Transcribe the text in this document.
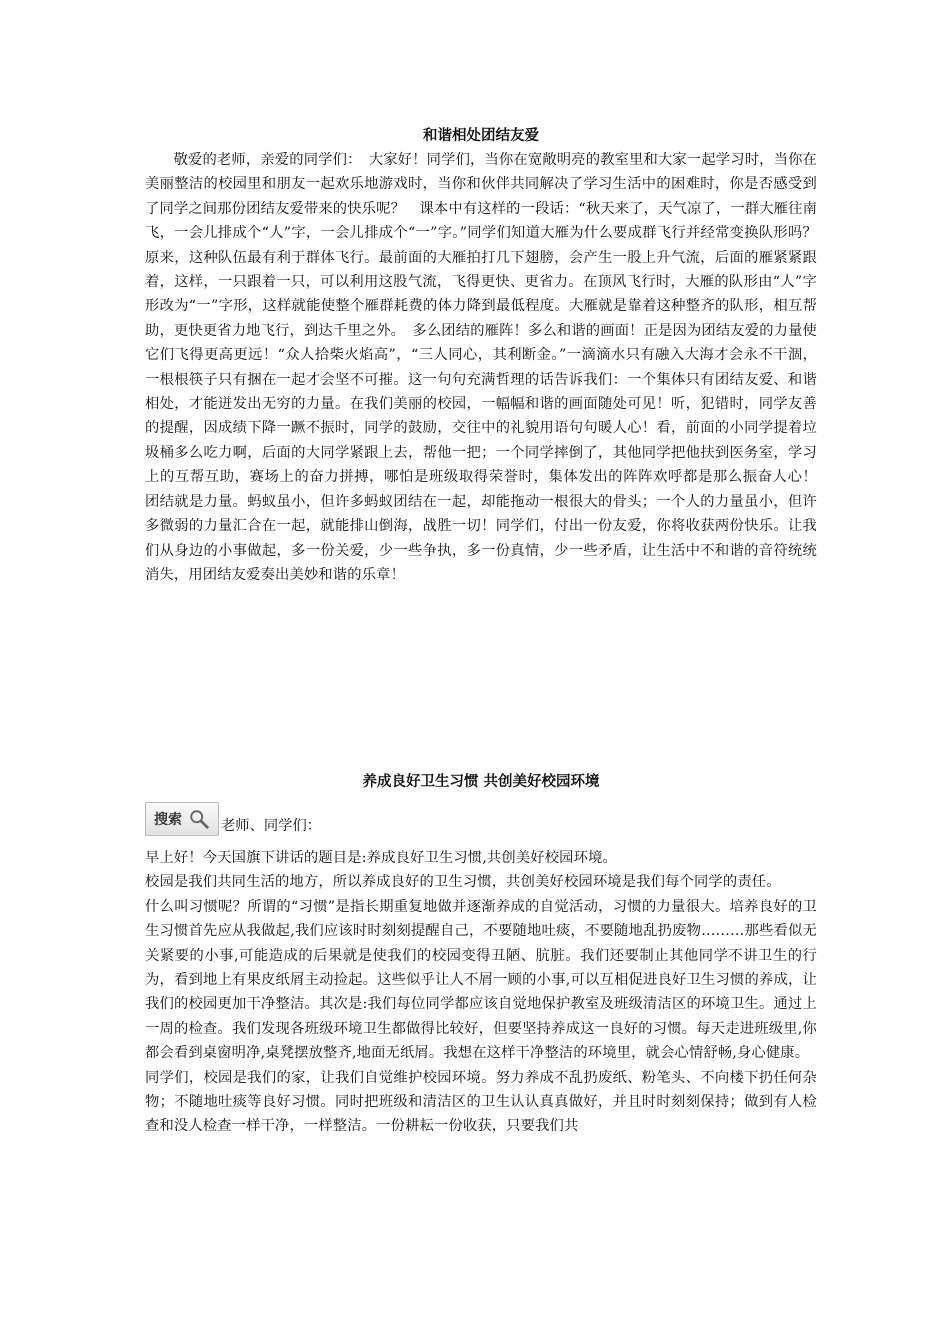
和谐相处团结友爱

敬爱的老师，亲爱的同学们：　大家好！同学们，当你在宽敞明亮的教室里和大家一起学习时，当你在美丽整洁的校园里和朋友一起欢乐地游戏时，当你和伙伴共同解决了学习生活中的困难时，你是否感受到了同学之间那份团结友爱带来的快乐呢？　课本中有这样的一段话：“秋天来了，天气凉了，一群大雁往南飞，一会儿排成个“人”字，一会儿排成个“一”字。”同学们知道大雁为什么要成群飞行并经常变换队形吗？　原来，这种队伍最有利于群体飞行。最前面的大雁拍打几下翅膀，会产生一股上升气流，后面的雁紧紧跟着，这样，一只跟着一只，可以利用这股气流，飞得更快、更省力。在顶风飞行时，大雁的队形由“人”字形改为“一”字形，这样就能使整个雁群耗费的体力降到最低程度。大雁就是靠着这种整齐的队形，相互帮助，更快更省力地飞行，到达千里之外。　多么团结的雁阵！多么和谐的画面！正是因为团结友爱的力量使它们飞得更高更远！“众人拾柴火焰高”，“三人同心，其利断金。”一滴滴水只有融入大海才会永不干涸，一根根筷子只有捆在一起才会坚不可摧。这一句句充满哲理的话告诉我们：一个集体只有团结友爱、和谐相处，才能迸发出无穷的力量。在我们美丽的校园，一幅幅和谐的画面随处可见！听，犯错时，同学友善的提醒，因成绩下降一蹶不振时，同学的鼓励，交往中的礼貌用语句句暖人心！看，前面的小同学提着垃圾桶多么吃力啊，后面的大同学紧跟上去，帮他一把；一个同学摔倒了，其他同学把他扶到医务室，学习上的互帮互助，赛场上的奋力拼搏，哪怕是班级取得荣誉时，集体发出的阵阵欢呼都是那么振奋人心！　团结就是力量。蚂蚁虽小，但许多蚂蚁团结在一起，却能拖动一根很大的骨头；一个人的力量虽小，但许多微弱的力量汇合在一起，就能排山倒海，战胜一切！同学们，付出一份友爱，你将收获两份快乐。让我们从身边的小事做起，多一份关爱，少一些争执，多一份真情，少一些矛盾，让生活中不和谐的音符统统消失，用团结友爱奏出美妙和谐的乐章！

养成良好卫生习惯 共创美好校园环境
搜索	老师、同学们：

早上好！今天国旗下讲话的题目是:养成良好卫生习惯,共创美好校园环境。

校园是我们共同生活的地方，所以养成良好的卫生习惯，共创美好校园环境是我们每个同学的责任。

什么叫习惯呢？所谓的“习惯”是指长期重复地做并逐渐养成的自觉活动，习惯的力量很大。培养良好的卫生习惯首先应从我做起,我们应该时时刻刻提醒自己，不要随地吐痰，不要随地乱扔废物………那些看似无关紧要的小事,可能造成的后果就是使我们的校园变得丑陋、肮脏。我们还要制止其他同学不讲卫生的行为，看到地上有果皮纸屑主动捡起。这些似乎让人不屑一顾的小事,可以互相促进良好卫生习惯的养成，让我们的校园更加干净整洁。其次是:我们每位同学都应该自觉地保护教室及班级清洁区的环境卫生。通过上一周的检查。我们发现各班级环境卫生都做得比较好，但要坚持养成这一良好的习惯。每天走进班级里,你都会看到桌窗明净,桌凳摆放整齐,地面无纸屑。我想在这样干净整洁的环境里，就会心情舒畅,身心健康。

同学们，校园是我们的家，让我们自觉维护校园环境。努力养成不乱扔废纸、粉笔头、不向楼下扔任何杂物；不随地吐痰等良好习惯。同时把班级和清洁区的卫生认认真真做好，并且时时刻刻保持；做到有人检查和没人检查一样干净，一样整洁。一份耕耘一份收获，只要我们共
